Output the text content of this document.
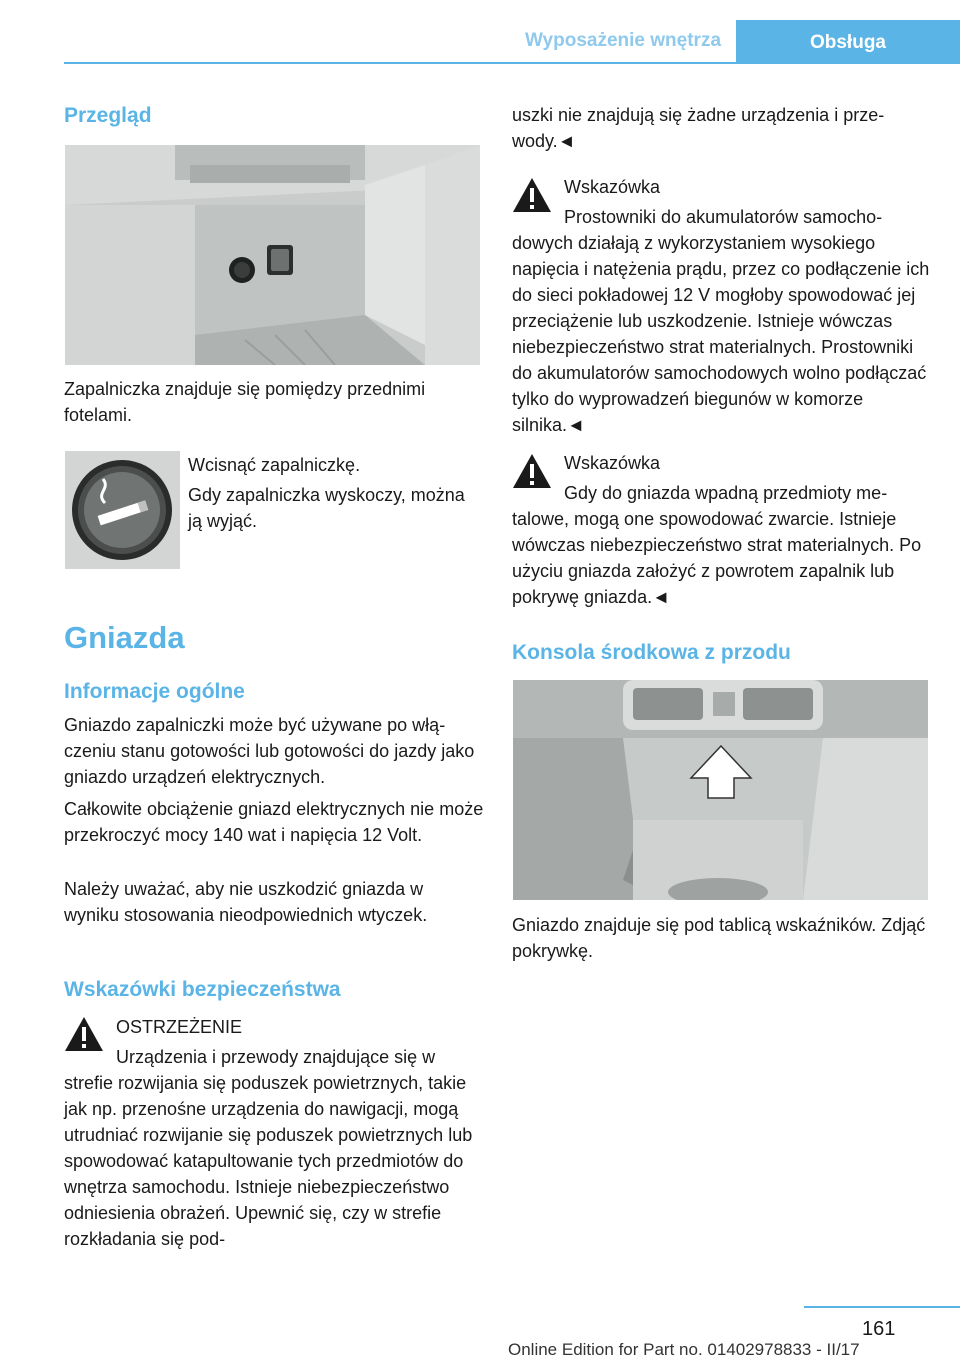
Wyposażenie wnętrza	Obsługa
Przegląd
Zapalniczka znajduje się pomiędzy przednimi fotelami.
Wcisnąć zapalniczkę.
Gdy zapalniczka wyskoczy, można ją wyjąć.
Gniazda
Informacje ogólne
Gniazdo zapalniczki może być używane po włączeniu stanu gotowości lub gotowości do jazdy jako gniazdo urządzeń elektrycznych.
Całkowite obciążenie gniazd elektrycznych nie może przekroczyć mocy 140 wat i napięcia 12 Volt.
Należy uważać, aby nie uszkodzić gniazda w wyniku stosowania nieodpowiednich wtyczek.
Wskazówki bezpieczeństwa
OSTRZEŻENIE
Urządzenia i przewody znajdujące się w strefie rozwijania się poduszek powietrznych, takie jak np. przenośne urządzenia do nawigacji, mogą utrudniać rozwijanie się poduszek powietrznych lub spowodować katapultowanie tych przedmiotów do wnętrza samochodu. Istnieje niebezpieczeństwo odniesienia obrażeń. Upewnić się, czy w strefie rozkładania się pod-
uszki nie znajdują się żadne urządzenia i przewody.◄
Wskazówka
Prostowniki do akumulatorów samochodowych działają z wykorzystaniem wysokiego napięcia i natężenia prądu, przez co podłączenie ich do sieci pokładowej 12 V mogłoby spowodować jej przeciążenie lub uszkodzenie. Istnieje wówczas niebezpieczeństwo strat materialnych. Prostowniki do akumulatorów samochodowych wolno podłączać tylko do wyprowadzeń biegunów w komorze silnika.◄
Wskazówka
Gdy do gniazda wpadną przedmioty metalowe, mogą one spowodować zwarcie. Istnieje wówczas niebezpieczeństwo strat materialnych. Po użyciu gniazda założyć z powrotem zapalnik lub pokrywę gniazda.◄
Konsola środkowa z przodu
Gniazdo znajduje się pod tablicą wskaźników. Zdjąć pokrywkę.
161
Online Edition for Part no. 01402978833 - II/17
